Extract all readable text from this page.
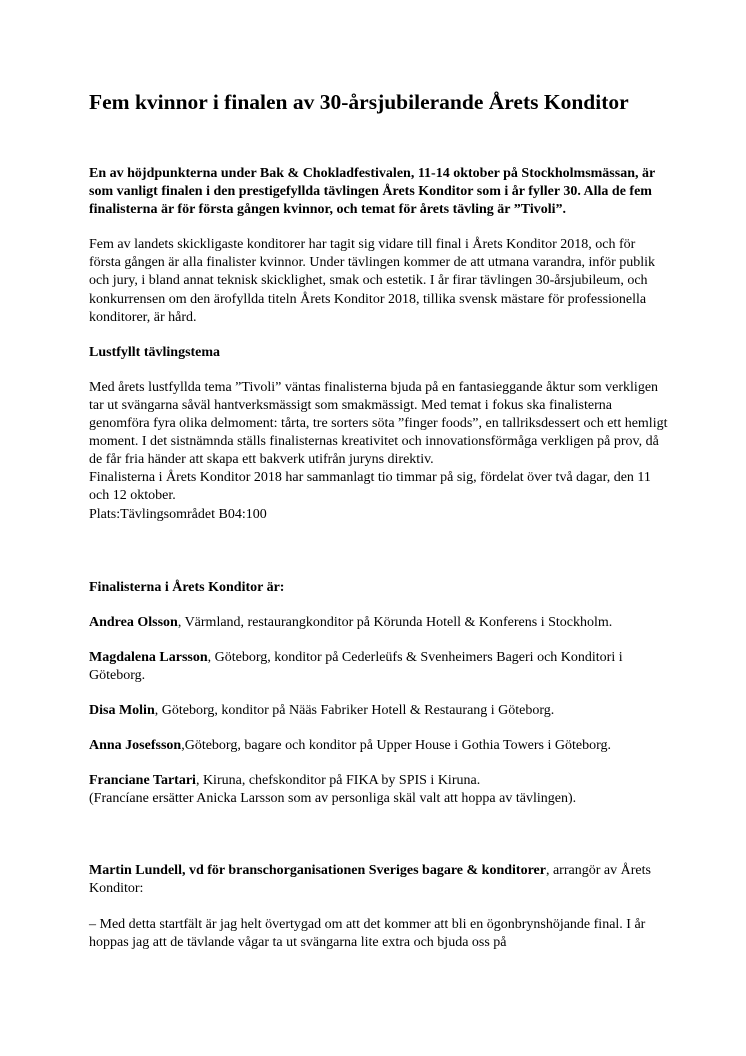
Fem kvinnor i finalen av 30-årsjubilerande Årets Konditor

En av höjdpunkterna under Bak & Chokladfestivalen, 11-14 oktober på Stockholmsmässan, är som vanligt finalen i den prestigefyllda tävlingen Årets Konditor som i år fyller 30. Alla de fem finalisterna är för första gången kvinnor, och temat för årets tävling är ”Tivoli”.

Fem av landets skickligaste konditorer har tagit sig vidare till final i Årets Konditor 2018, och för första gången är alla finalister kvinnor. Under tävlingen kommer de att utmana varandra, inför publik och jury, i bland annat teknisk skicklighet, smak och estetik. I år firar tävlingen 30-årsjubileum, och konkurrensen om den ärofyllda titeln Årets Konditor 2018, tillika svensk mästare för professionella konditorer, är hård.

Lustfyllt tävlingstema

Med årets lustfyllda tema ”Tivoli” väntas finalisterna bjuda på en fantasieggande åktur som verkligen tar ut svängarna såväl hantverksmässigt som smakmässigt. Med temat i fokus ska finalisterna genomföra fyra olika delmoment: tårta, tre sorters söta ”finger foods”, en tallriksdessert och ett hemligt moment. I det sistnämnda ställs finalisternas kreativitet och innovationsförmåga verkligen på prov, då de får fria händer att skapa ett bakverk utifrån juryns direktiv.

Finalisterna i Årets Konditor 2018 har sammanlagt tio timmar på sig, fördelat över två dagar, den 11 och 12 oktober.

Plats:Tävlingsområdet B04:100

Finalisterna i Årets Konditor är:

Andrea Olsson, Värmland, restaurangkonditor på Körunda Hotell & Konferens i Stockholm.

Magdalena Larsson, Göteborg, konditor på Cederleüfs & Svenheimers Bageri och Konditori i Göteborg.

Disa Molin, Göteborg, konditor på Nääs Fabriker Hotell & Restaurang i Göteborg.

Anna Josefsson,Göteborg, bagare och konditor på Upper House i Gothia Towers i Göteborg.

Franciane Tartari, Kiruna, chefskonditor på FIKA by SPIS i Kiruna.

(Francíane ersätter Anicka Larsson som av personliga skäl valt att hoppa av tävlingen).

Martin Lundell, vd för branschorganisationen Sveriges bagare & konditorer, arrangör av Årets Konditor:

– Med detta startfält är jag helt övertygad om att det kommer att bli en ögonbrynshöjande final. I år hoppas jag att de tävlande vågar ta ut svängarna lite extra och bjuda oss på
